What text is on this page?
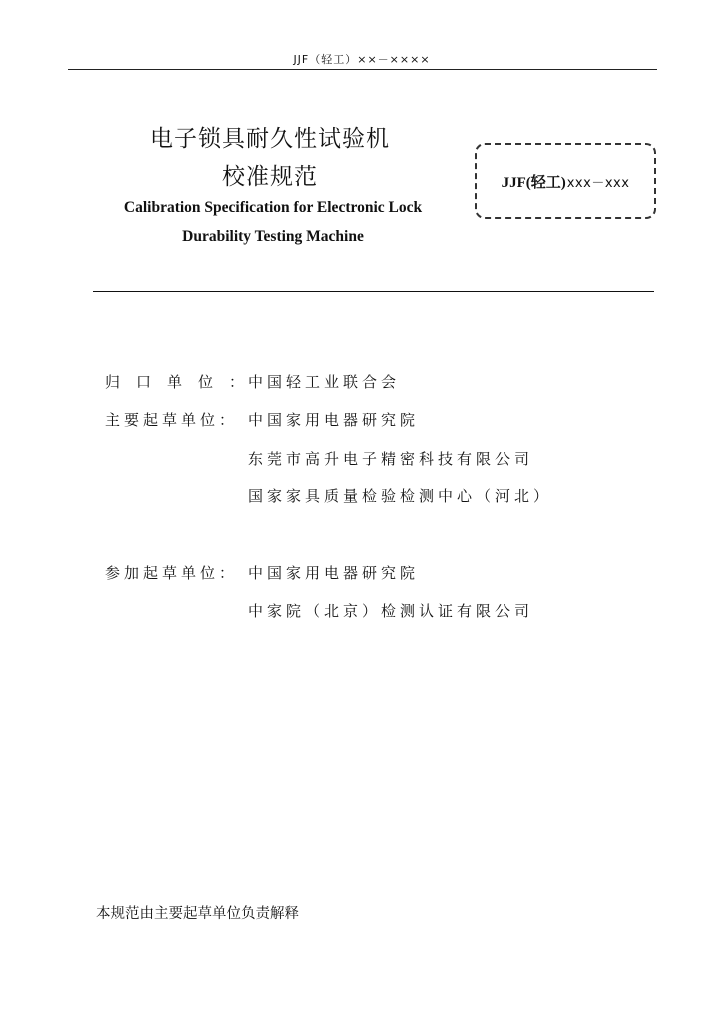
JJF（轻工）××－××××
电子锁具耐久性试验机
校准规范
Calibration Specification for Electronic Lock
Durability Testing Machine
JJF(轻工) xxx－xxx
归口单位：
中国轻工业联合会
主要起草单位： 中国家用电器研究院
东莞市高升电子精密科技有限公司
国家家具质量检验检测中心（河北）
参加起草单位： 中国家用电器研究院
中家院（北京）检测认证有限公司
本规范由主要起草单位负责解释
